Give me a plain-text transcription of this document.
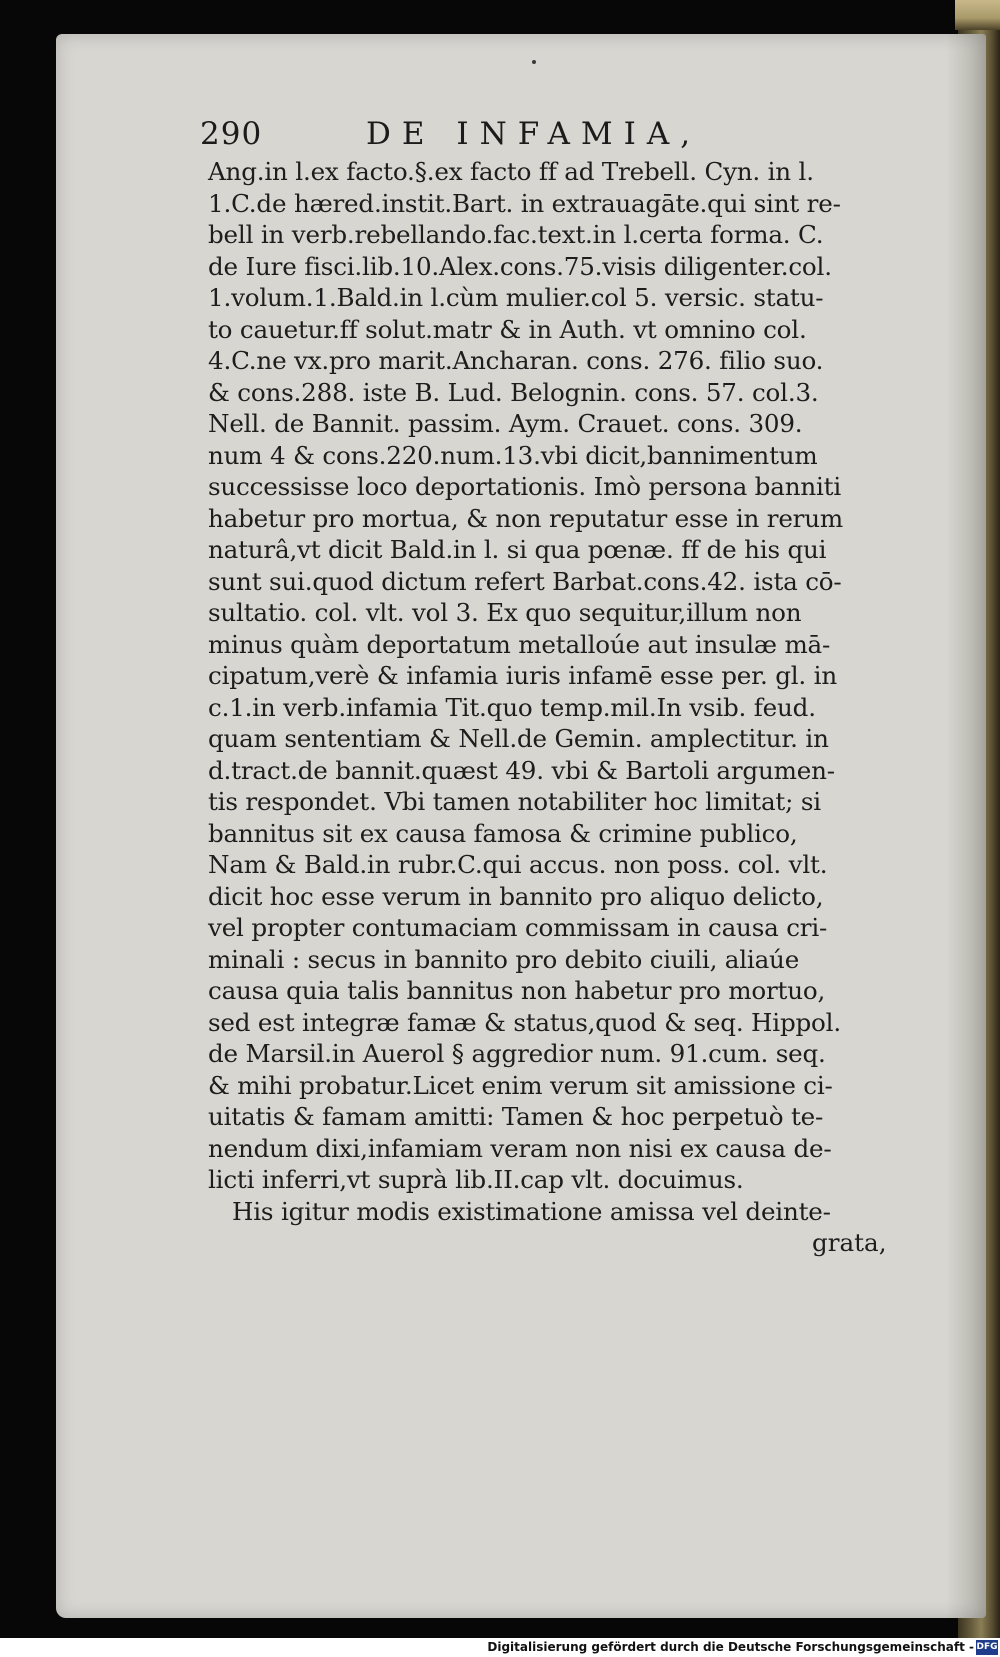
290	DE INFAMIA,
Ang.in l.ex facto.§.ex facto ff ad Trebell. Cyn. in l.
1.C.de hæred.instit.Bart. in extrauagāte.qui sint re-
bell in verb.rebellando.fac.text.in l.certa forma. C.
de Iure fisci.lib.10.Alex.cons.75.visis diligenter.col.
1.volum.1.Bald.in l.cùm mulier.col 5. versic. statu-
to cauetur.ff solut.matr & in Auth. vt omnino col.
4.C.ne vx.pro marit.Ancharan. cons. 276. filio suo.
& cons.288. iste B. Lud. Belognin. cons. 57. col.3.
Nell. de Bannit. passim. Aym. Crauet. cons. 309.
num 4 & cons.220.num.13.vbi dicit,bannimentum
successisse loco deportationis. Imò persona banniti
habetur pro mortua, & non reputatur esse in rerum
naturâ,vt dicit Bald.in l. si qua pœnæ. ff de his qui
sunt sui.quod dictum refert Barbat.cons.42. ista cō-
sultatio. col. vlt. vol 3. Ex quo sequitur,illum non
minus quàm deportatum metalloúe aut insulæ mā-
cipatum,verè & infamia iuris infamē esse per. gl. in
c.1.in verb.infamia Tit.quo temp.mil.In vsib. feud.
quam sententiam & Nell.de Gemin. amplectitur. in
d.tract.de bannit.quæst 49. vbi & Bartoli argumen-
tis respondet. Vbi tamen notabiliter hoc limitat; si
bannitus sit ex causa famosa & crimine publico,
Nam & Bald.in rubr.C.qui accus. non poss. col. vlt.
dicit hoc esse verum in bannito pro aliquo delicto,
vel propter contumaciam commissam in causa cri-
minali : secus in bannito pro debito ciuili, aliaúe
causa quia talis bannitus non habetur pro mortuo,
sed est integræ famæ & status,quod & seq. Hippol.
de Marsil.in Auerol § aggredior num. 91.cum. seq.
& mihi probatur.Licet enim verum sit amissione ci-
uitatis & famam amitti: Tamen & hoc perpetuò te-
nendum dixi,infamiam veram non nisi ex causa de-
licti inferri,vt suprà lib.II.cap vlt. docuimus.
His igitur modis existimatione amissa vel deinte-
grata,
Digitalisierung gefördert durch die Deutsche Forschungsgemeinschaft - DFG
